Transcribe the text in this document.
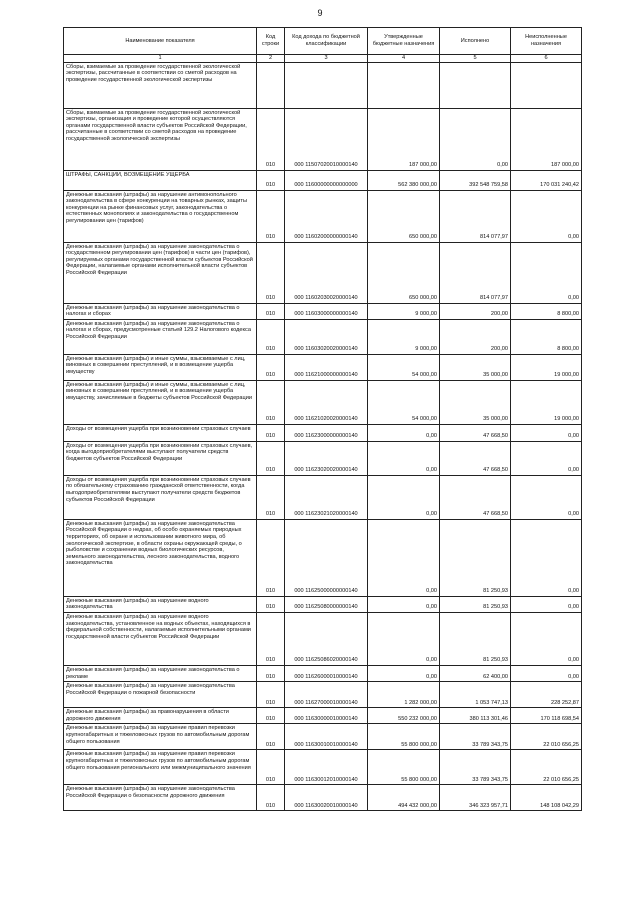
9
Наименование показателя	Код строки	Код дохода по бюджетной классификации	Утвержденные бюджетные назначения	Исполнено	Неисполненные назначения
1	2	3	4	5	6
Сборы, взимаемые за проведение государственной экологической экспертизы, рассчитанные в соответствии со сметой расходов на проведение государственной экологической экспертизы					
Сборы, взимаемые за проведение государственной экологической экспертизы, организация и проведение которой осуществляются органами государственной власти субъектов Российской Федерации, рассчитанные в соответствии со сметой расходов на проведение государственной экологической экспертизы	010	000 11507020010000140	187 000,00	0,00	187 000,00
ШТРАФЫ, САНКЦИИ, ВОЗМЕЩЕНИЕ УЩЕРБА	010	000 11600000000000000	562 380 000,00	392 548 759,58	170 031 240,42
Денежные взыскания (штрафы) за нарушение антимонопольного законодательства в сфере конкуренции на товарных рынках, защиты конкуренции на рынке финансовых услуг, законодательства о естественных монополиях и законодательства о государственном регулировании цен (тарифов)	010	000 11602000000000140	650 000,00	814 077,97	0,00
Денежные взыскания (штрафы) за нарушение законодательства о государственном регулировании цен (тарифов) в части цен (тарифов), регулируемых органами государственной власти субъектов Российской Федерации, налагаемые органами исполнительной власти субъектов Российской Федерации	010	000 11602030020000140	650 000,00	814 077,97	0,00
Денежные взыскания (штрафы) за нарушение законодательства о налогах и сборах	010	000 11603000000000140	9 000,00	200,00	8 800,00
Денежные взыскания (штрафы) за нарушение законодательства о налогах и сборах, предусмотренные статьей 129.2 Налогового кодекса Российской Федерации	010	000 11603020020000140	9 000,00	200,00	8 800,00
Денежные взыскания (штрафы) и иные суммы, взыскиваемые с лиц, виновных в совершении преступлений, и в возмещение ущерба имуществу	010	000 11621000000000140	54 000,00	35 000,00	19 000,00
Денежные взыскания (штрафы) и иные суммы, взыскиваемые с лиц, виновных в совершении преступлений, и в возмещение ущерба имуществу, зачисляемые в бюджеты субъектов Российской Федерации	010	000 11621020020000140	54 000,00	35 000,00	19 000,00
Доходы от возмещения ущерба при возникновении страховых случаев	010	000 11623000000000140	0,00	47 668,50	0,00
Доходы от возмещения ущерба при возникновении страховых случаев, когда выгодоприобретателями выступают получатели средств бюджетов субъектов Российской Федерации	010	000 11623020020000140	0,00	47 668,50	0,00
Доходы от возмещения ущерба при возникновении страховых случаев по обязательному страхованию гражданской ответственности, когда выгодоприобретателями выступают получатели средств бюджетов субъектов Российской Федерации	010	000 11623021020000140	0,00	47 668,50	0,00
Денежные взыскания (штрафы) за нарушение законодательства Российской Федерации о недрах, об особо охраняемых природных территориях, об охране и использовании животного мира, об экологической экспертизе, в области охраны окружающей среды, о рыболовстве и сохранении водных биологических ресурсов, земельного законодательства, лесного законодательства, водного законодательства	010	000 11625000000000140	0,00	81 250,93	0,00
Денежные взыскания (штрафы) за нарушение водного законодательства	010	000 11625080000000140	0,00	81 250,93	0,00
Денежные взыскания (штрафы) за нарушение водного законодательства, установленное на водных объектах, находящихся в федеральной собственности, налагаемые исполнительными органами государственной власти субъектов Российской Федерации	010	000 11625086020000140	0,00	81 250,93	0,00
Денежные взыскания (штрафы) за нарушение законодательства о рекламе	010	000 11626000010000140	0,00	62 400,00	0,00
Денежные взыскания (штрафы) за нарушение законодательства Российской Федерации о пожарной безопасности	010	000 11627000010000140	1 282 000,00	1 053 747,13	228 252,87
Денежные взыскания (штрафы) за правонарушения в области дорожного движения	010	000 11630000010000140	550 232 000,00	380 113 301,46	170 118 698,54
Денежные взыскания (штрафы) за нарушение правил перевозки крупногабаритных и тяжеловесных грузов по автомобильным дорогам общего пользования	010	000 11630010010000140	55 800 000,00	33 789 343,75	22 010 656,25
Денежные взыскания (штрафы) за нарушение правил перевозки крупногабаритных и тяжеловесных грузов по автомобильным дорогам общего пользования регионального или межмуниципального значения	010	000 11630012010000140	55 800 000,00	33 789 343,75	22 010 656,25
Денежные взыскания (штрафы) за нарушение законодательства Российской Федерации о безопасности дорожного движения	010	000 11630020010000140	494 432 000,00	346 323 957,71	148 108 042,29
